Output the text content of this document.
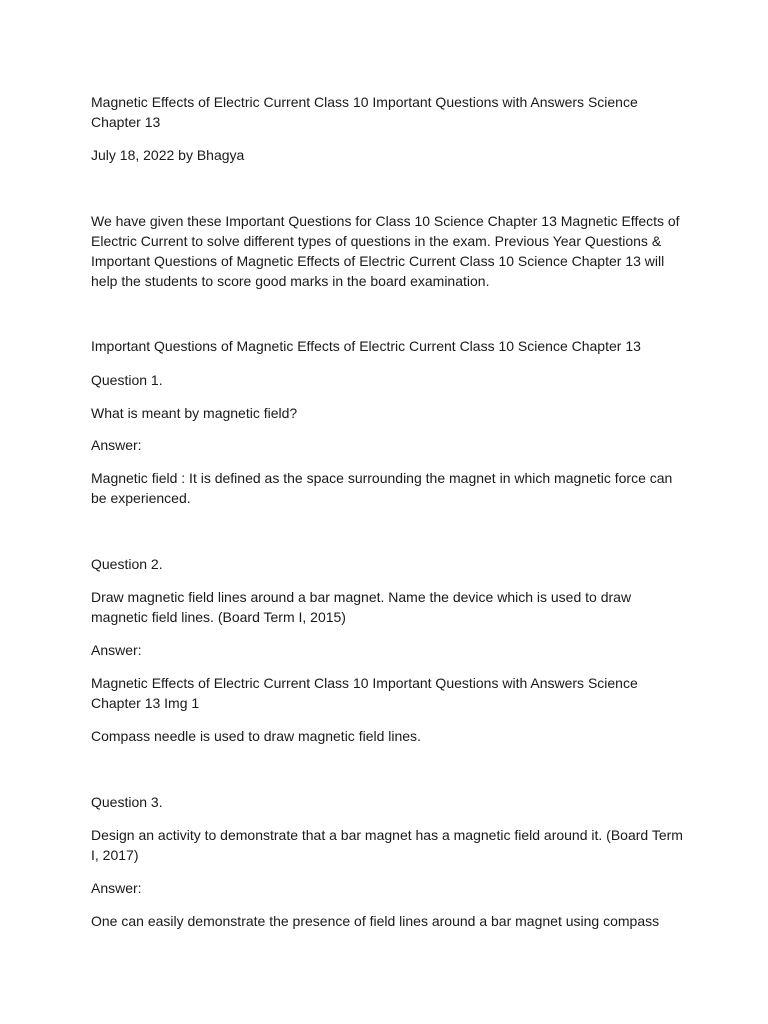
Magnetic Effects of Electric Current Class 10 Important Questions with Answers Science Chapter 13

July 18, 2022 by Bhagya

We have given these Important Questions for Class 10 Science Chapter 13 Magnetic Effects of Electric Current to solve different types of questions in the exam. Previous Year Questions & Important Questions of Magnetic Effects of Electric Current Class 10 Science Chapter 13 will help the students to score good marks in the board examination.

Important Questions of Magnetic Effects of Electric Current Class 10 Science Chapter 13

Question 1.

What is meant by magnetic field?

Answer:

Magnetic field : It is defined as the space surrounding the magnet in which magnetic force can be experienced.

Question 2.

Draw magnetic field lines around a bar magnet. Name the device which is used to draw magnetic field lines. (Board Term I, 2015)

Answer:

Magnetic Effects of Electric Current Class 10 Important Questions with Answers Science Chapter 13 Img 1

Compass needle is used to draw magnetic field lines.

Question 3.

Design an activity to demonstrate that a bar magnet has a magnetic field around it. (Board Term I, 2017)

Answer:

One can easily demonstrate the presence of field lines around a bar magnet using compass
